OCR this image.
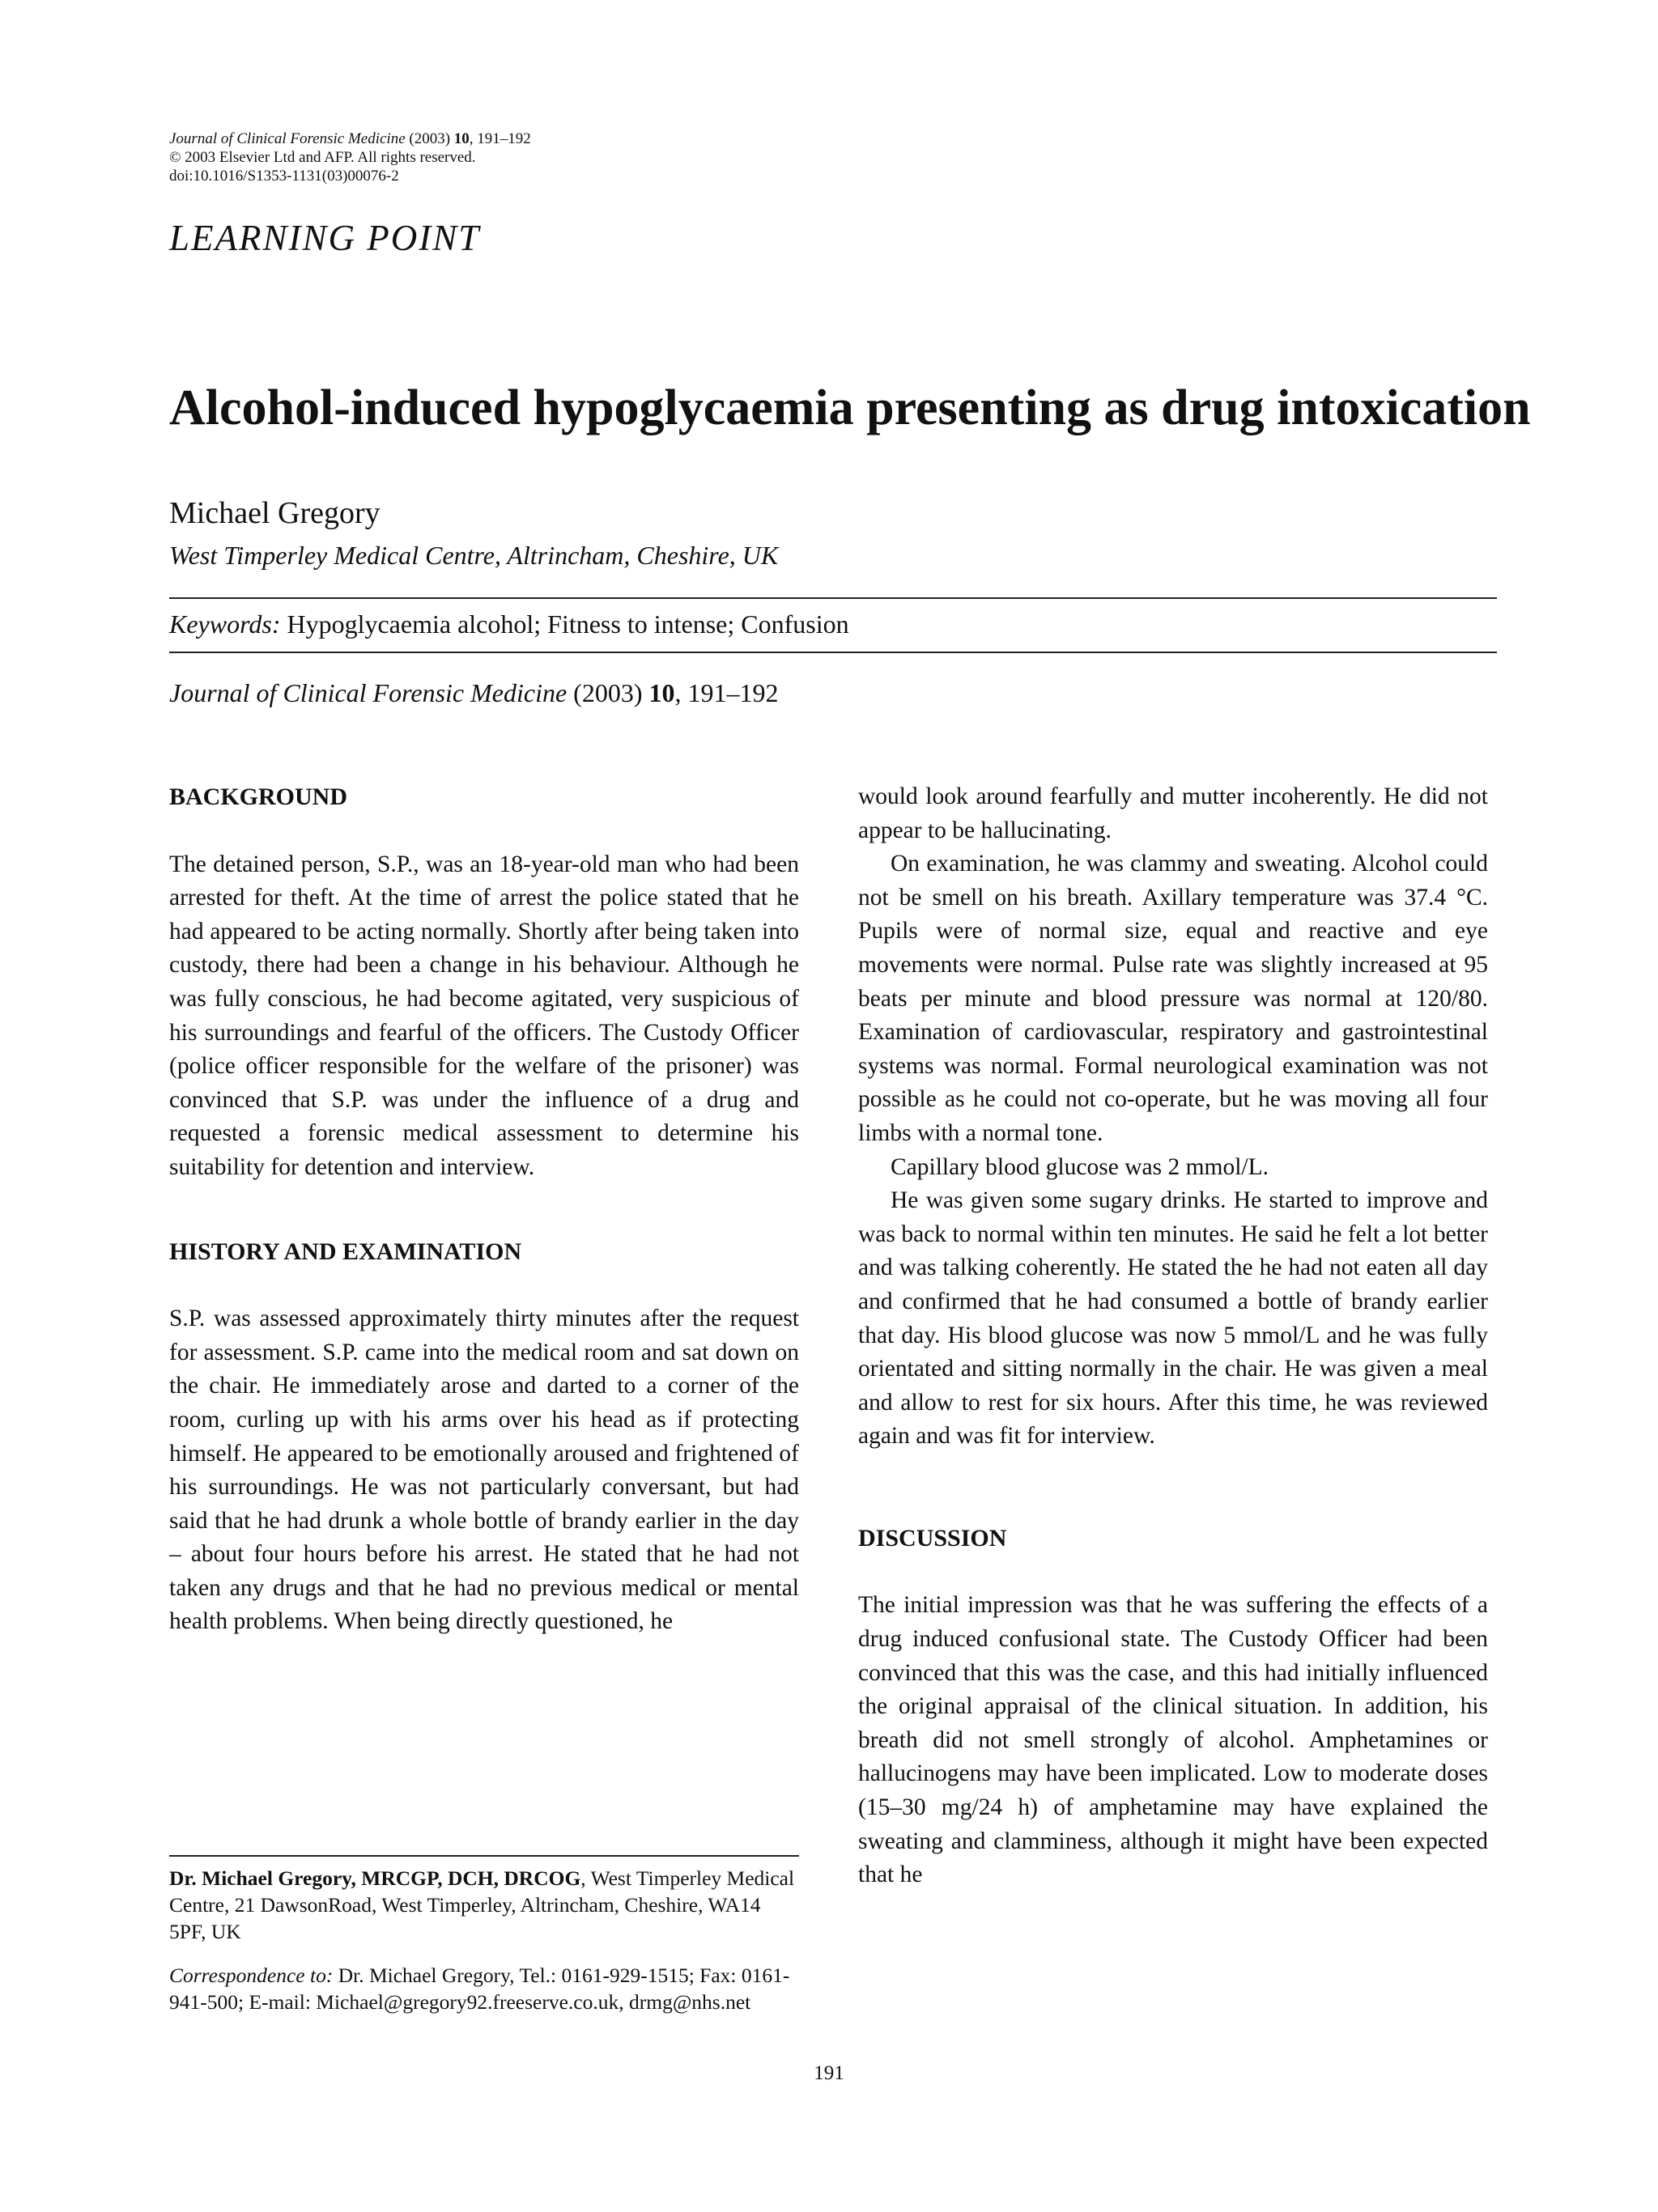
Journal of Clinical Forensic Medicine (2003) 10, 191–192
© 2003 Elsevier Ltd and AFP. All rights reserved.
doi:10.1016/S1353-1131(03)00076-2
LEARNING POINT
Alcohol-induced hypoglycaemia presenting as drug intoxication
Michael Gregory
West Timperley Medical Centre, Altrincham, Cheshire, UK
Keywords: Hypoglycaemia alcohol; Fitness to intense; Confusion
Journal of Clinical Forensic Medicine (2003) 10, 191–192
BACKGROUND

The detained person, S.P., was an 18-year-old man who had been arrested for theft. At the time of arrest the police stated that he had appeared to be acting normally. Shortly after being taken into custody, there had been a change in his behaviour. Although he was fully conscious, he had become agitated, very suspicious of his surroundings and fearful of the officers. The Custody Officer (police officer responsible for the welfare of the prisoner) was convinced that S.P. was under the influence of a drug and requested a forensic medical assessment to determine his suitability for detention and interview.

HISTORY AND EXAMINATION

S.P. was assessed approximately thirty minutes after the request for assessment. S.P. came into the medical room and sat down on the chair. He immediately arose and darted to a corner of the room, curling up with his arms over his head as if protecting himself. He appeared to be emotionally aroused and frightened of his surroundings. He was not particularly conversant, but had said that he had drunk a whole bottle of brandy earlier in the day – about four hours before his arrest. He stated that he had not taken any drugs and that he had no previous medical or mental health problems. When being directly questioned, he

would look around fearfully and mutter incoherently. He did not appear to be hallucinating.

On examination, he was clammy and sweating. Alcohol could not be smell on his breath. Axillary temperature was 37.4 °C. Pupils were of normal size, equal and reactive and eye movements were normal. Pulse rate was slightly increased at 95 beats per minute and blood pressure was normal at 120/80. Examination of cardiovascular, respiratory and gastrointestinal systems was normal. Formal neurological examination was not possible as he could not co-operate, but he was moving all four limbs with a normal tone.

Capillary blood glucose was 2 mmol/L.

He was given some sugary drinks. He started to improve and was back to normal within ten minutes. He said he felt a lot better and was talking coherently. He stated the he had not eaten all day and confirmed that he had consumed a bottle of brandy earlier that day. His blood glucose was now 5 mmol/L and he was fully orientated and sitting normally in the chair. He was given a meal and allow to rest for six hours. After this time, he was reviewed again and was fit for interview.

DISCUSSION

The initial impression was that he was suffering the effects of a drug induced confusional state. The Custody Officer had been convinced that this was the case, and this had initially influenced the original appraisal of the clinical situation. In addition, his breath did not smell strongly of alcohol. Amphetamines or hallucinogens may have been implicated. Low to moderate doses (15–30 mg/24 h) of amphetamine may have explained the sweating and clamminess, although it might have been expected that he

Dr. Michael Gregory, MRCGP, DCH, DRCOG, West Timperley Medical Centre, 21 DawsonRoad, West Timperley, Altrincham, Cheshire, WA14 5PF, UK
Correspondence to: Dr. Michael Gregory, Tel.: 0161-929-1515; Fax: 0161-941-500; E-mail: Michael@gregory92.freeserve.co.uk, drmg@nhs.net
191
